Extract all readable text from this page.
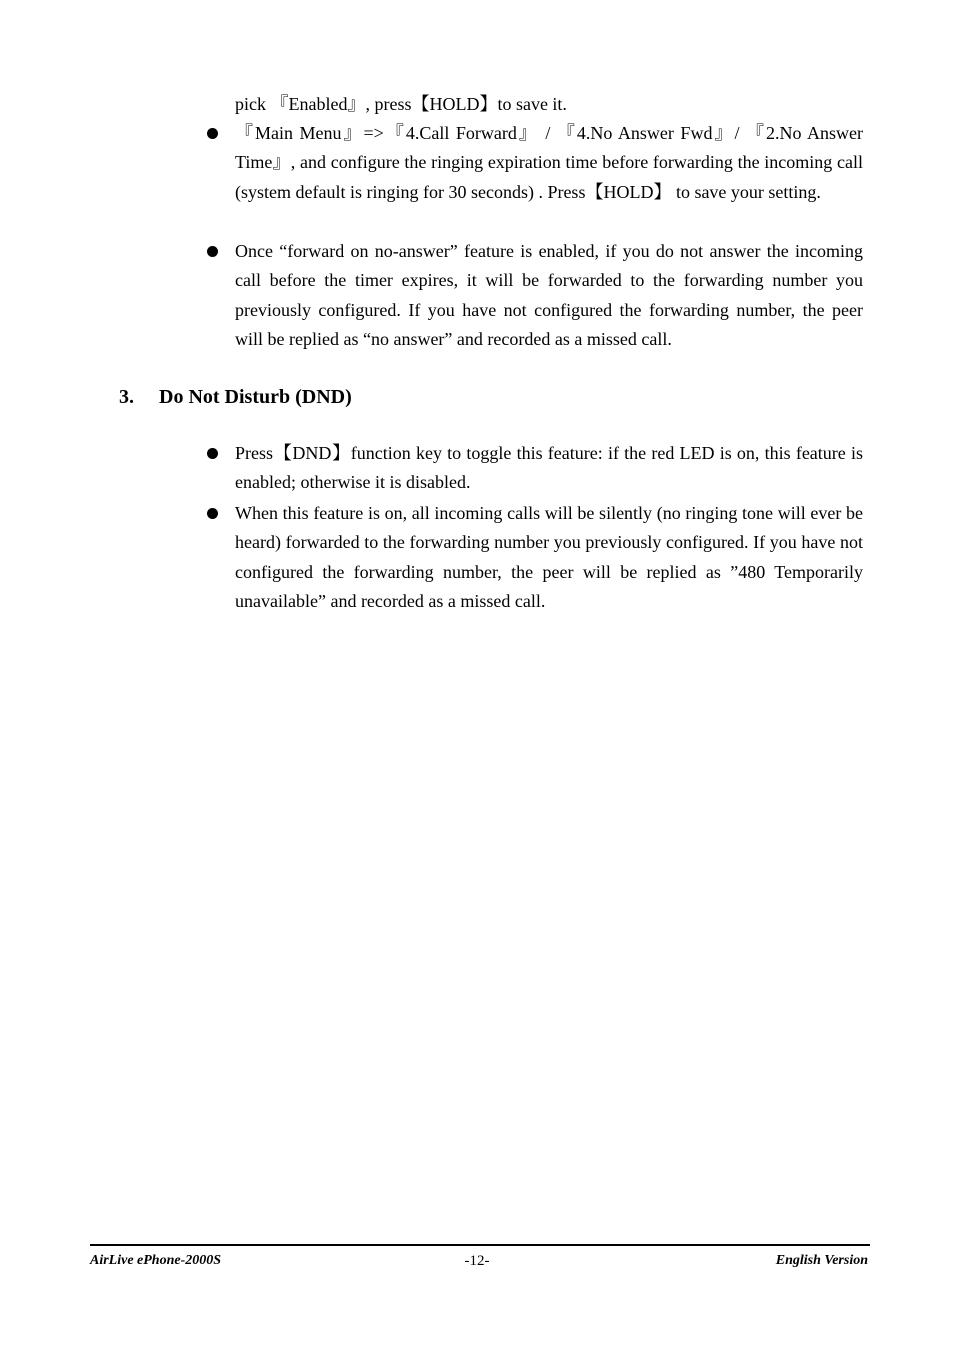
pick 『Enabled』, press【HOLD】to save it.

『Main Menu』=>『4.Call Forward』 / 『4.No Answer Fwd』/ 『2.No Answer Time』, and configure the ringing expiration time before forwarding the incoming call (system default is ringing for 30 seconds) . Press【HOLD】 to save your setting.

Once “forward on no-answer” feature is enabled, if you do not answer the incoming call before the timer expires, it will be forwarded to the forwarding number you previously configured. If you have not configured the forwarding number, the peer will be replied as “no answer” and recorded as a missed call.

3. Do Not Disturb (DND)

Press【DND】function key to toggle this feature: if the red LED is on, this feature is enabled; otherwise it is disabled.

When this feature is on, all incoming calls will be silently (no ringing tone will ever be heard) forwarded to the forwarding number you previously configured. If you have not configured the forwarding number, the peer will be replied as ”480 Temporarily unavailable” and recorded as a missed call.

AirLive ePhone-2000S	-12-	English Version
